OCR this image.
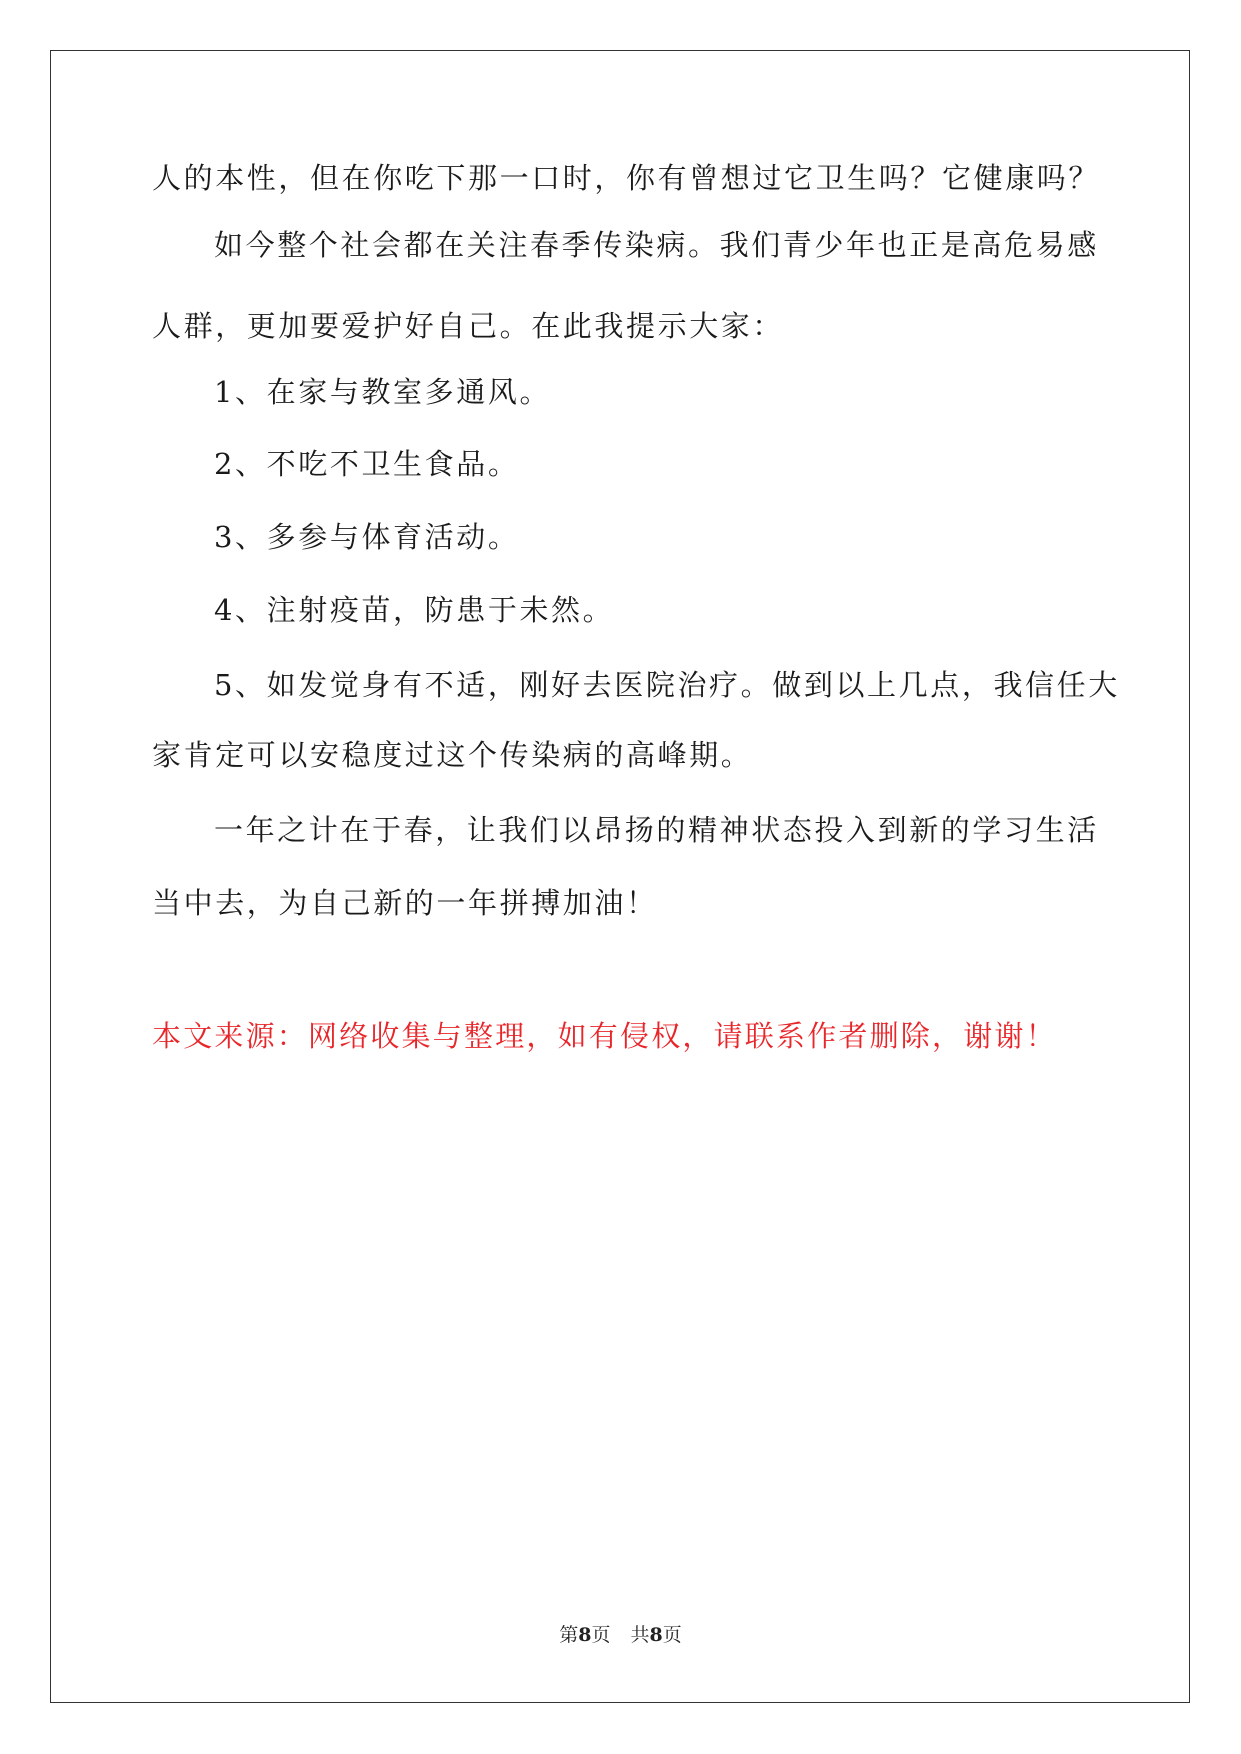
人的本性，但在你吃下那一口时，你有曾想过它卫生吗？它健康吗？
如今整个社会都在关注春季传染病。我们青少年也正是高危易感
人群，更加要爱护好自己。在此我提示大家：
1、在家与教室多通风。
2、不吃不卫生食品。
3、多参与体育活动。
4、注射疫苗，防患于未然。
5、如发觉身有不适，刚好去医院治疗。做到以上几点，我信任大
家肯定可以安稳度过这个传染病的高峰期。
一年之计在于春，让我们以昂扬的精神状态投入到新的学习生活
当中去，为自己新的一年拼搏加油！
本文来源：网络收集与整理，如有侵权，请联系作者删除，谢谢！
第8页 共8页
